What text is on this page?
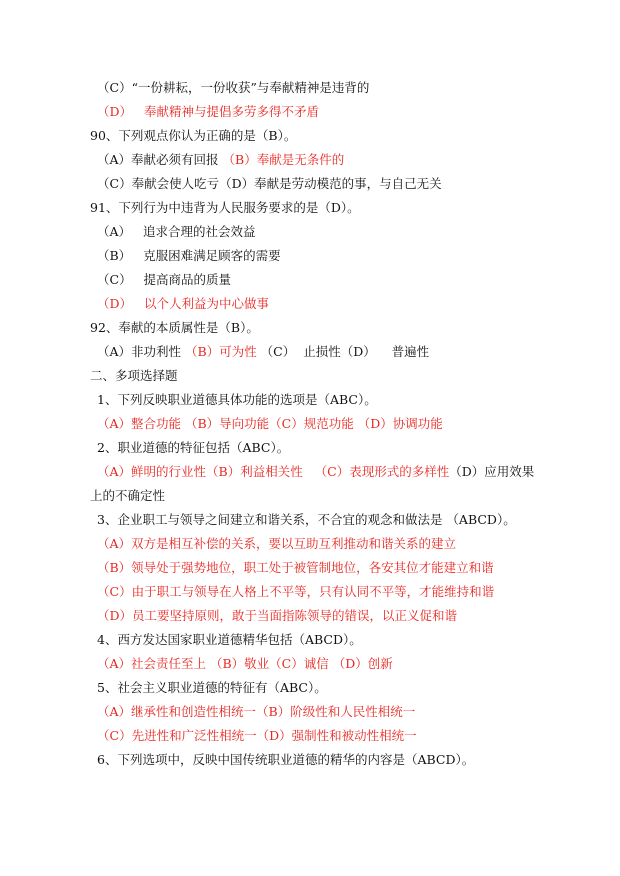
（C）“一份耕耘，一份收获”与奉献精神是违背的
（D）   奉献精神与提倡多劳多得不矛盾
90、下列观点你认为正确的是（B）。
（A）奉献必须有回报 （B）奉献是无条件的
（C）奉献会使人吃亏（D）奉献是劳动模范的事，与自己无关
91、下列行为中违背为人民服务要求的是（D）。
（A）   追求合理的社会效益
（B）   克服困难满足顾客的需要
（C）   提高商品的质量
（D）   以个人利益为中心做事
92、奉献的本质属性是（B）。
（A）非功利性 （B）可为性 （C）  止损性（D）    普遍性
二、多项选择题
1、下列反映职业道德具体功能的选项是（ABC）。
（A）整合功能 （B）导向功能（C）规范功能 （D）协调功能
2、职业道德的特征包括（ABC）。
（A）鲜明的行业性（B）利益相关性   （C）表现形式的多样性（D）应用效果
上的不确定性
3、企业职工与领导之间建立和谐关系，不合宜的观念和做法是 （ABCD）。
（A）双方是相互补偿的关系，要以互助互利推动和谐关系的建立
（B）领导处于强势地位，职工处于被管制地位，各安其位才能建立和谐
（C）由于职工与领导在人格上不平等，只有认同不平等，才能维持和谐
（D）员工要坚持原则，敢于当面指陈领导的错误，以正义促和谐
4、西方发达国家职业道德精华包括（ABCD）。
（A）社会责任至上 （B）敬业（C）诚信 （D）创新
5、社会主义职业道德的特征有（ABC）。
（A）继承性和创造性相统一（B）阶级性和人民性相统一
（C）先进性和广泛性相统一（D）强制性和被动性相统一
6、下列选项中，反映中国传统职业道德的精华的内容是（ABCD）。
